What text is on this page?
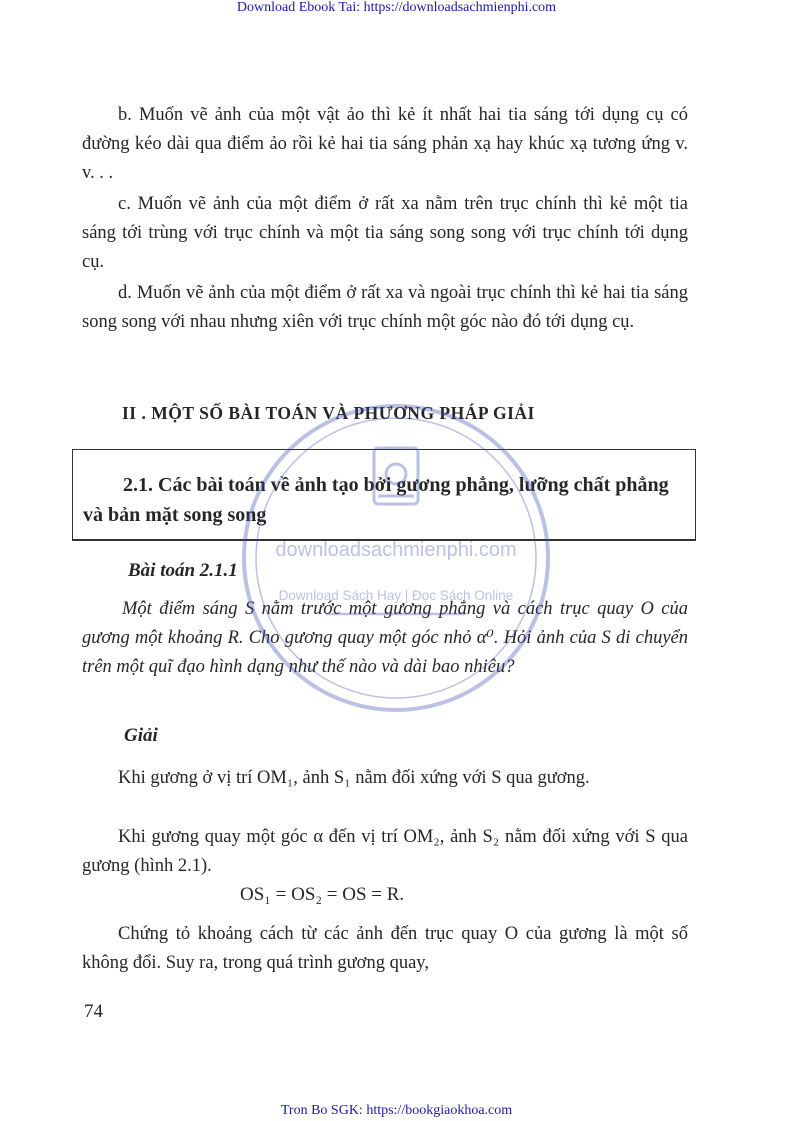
Download Ebook Tai: https://downloadsachmienphi.com

b. Muốn vẽ ảnh của một vật ảo thì kẻ ít nhất hai tia sáng tới dụng cụ có đường kéo dài qua điểm ảo rồi kẻ hai tia sáng phản xạ hay khúc xạ tương ứng v. v. . .

c. Muốn vẽ ảnh của một điểm ở rất xa nằm trên trục chính thì kẻ một tia sáng tới trùng với trục chính và một tia sáng song song với trục chính tới dụng cụ.

d. Muốn vẽ ảnh của một điểm ở rất xa và ngoài trục chính thì kẻ hai tia sáng song song với nhau nhưng xiên với trục chính một góc nào đó tới dụng cụ.

II . MỘT SỐ BÀI TOÁN VÀ PHƯƠNG PHÁP GIẢI

2.1. Các bài toán về ảnh tạo bởi gương phẳng, lưỡng chất phẳng và bản mặt song song

Bài toán 2.1.1

Một điểm sáng S nằm trước một gương phẳng và cách trục quay O của gương một khoảng R. Cho gương quay một góc nhỏ α⁰. Hỏi ảnh của S di chuyển trên một quĩ đạo hình dạng như thế nào và dài bao nhiêu?

Giải

Khi gương ở vị trí OM₁, ảnh S₁ nằm đối xứng với S qua gương.

Khi gương quay một góc α đến vị trí OM₂, ảnh S₂ nằm đối xứng với S qua gương (hình 2.1).

OS₁ = OS₂ = OS = R.

Chứng tỏ khoảng cách từ các ảnh đến trục quay O của gương là một số không đổi. Suy ra, trong quá trình gương quay,

74
downloadsachmienphi.com
Download Sách Hay | Đọc Sách Online
Tron Bo SGK: https://bookgiaokhoa.com
